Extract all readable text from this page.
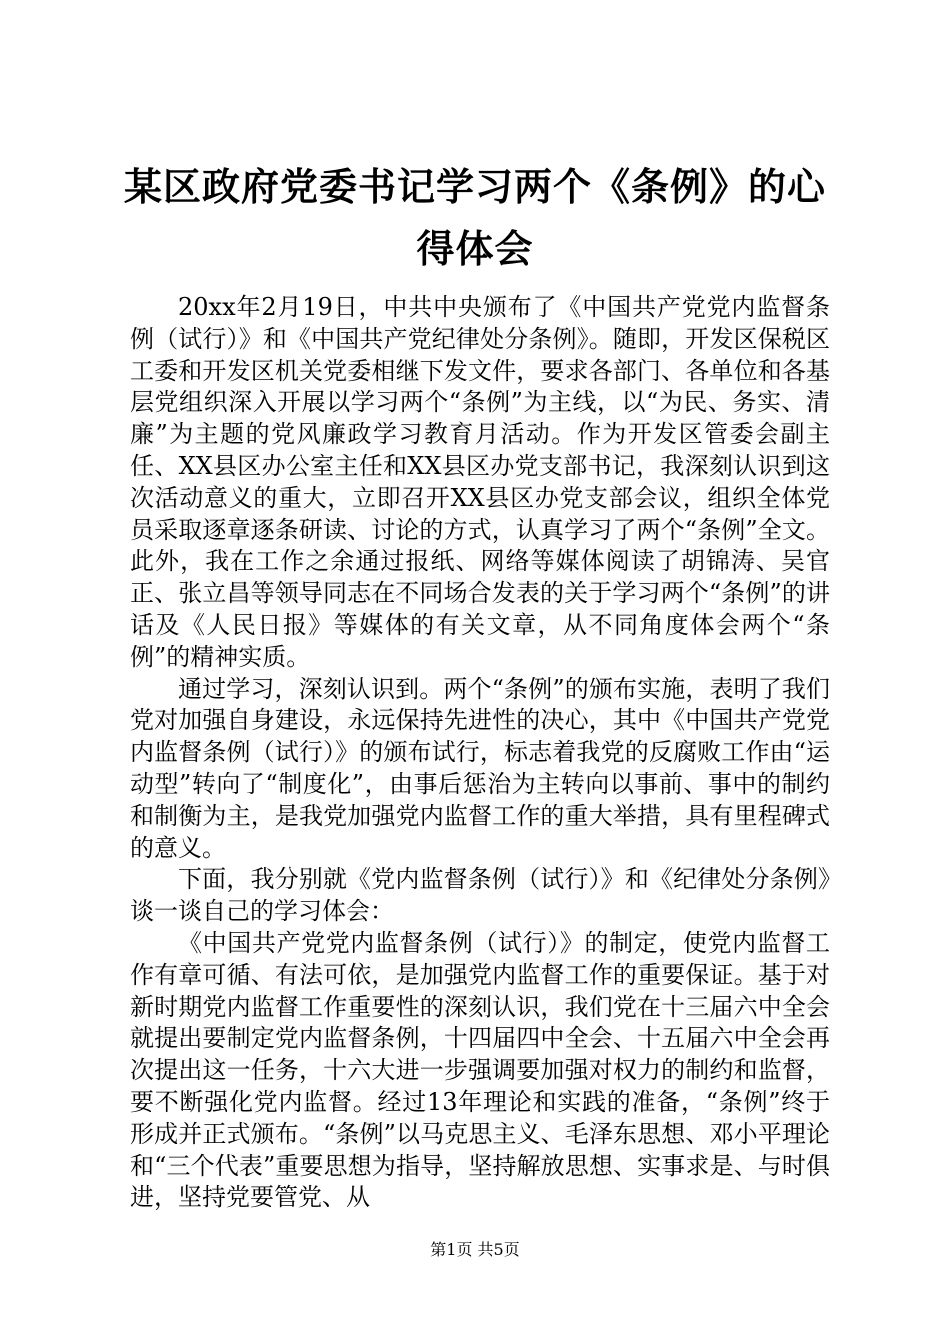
某区政府党委书记学习两个《条例》的心得体会

20xx年2月19日，中共中央颁布了《中国共产党党内监督条例（试行）》和《中国共产党纪律处分条例》。随即，开发区保税区工委和开发区机关党委相继下发文件，要求各部门、各单位和各基层党组织深入开展以学习两个“条例”为主线，以“为民、务实、清廉”为主题的党风廉政学习教育月活动。作为开发区管委会副主任、XX县区办公室主任和XX县区办党支部书记，我深刻认识到这次活动意义的重大，立即召开XX县区办党支部会议，组织全体党员采取逐章逐条研读、讨论的方式，认真学习了两个“条例”全文。此外，我在工作之余通过报纸、网络等媒体阅读了胡锦涛、吴官正、张立昌等领导同志在不同场合发表的关于学习两个“条例”的讲话及《人民日报》等媒体的有关文章，从不同角度体会两个“条例”的精神实质。

通过学习，深刻认识到。两个“条例”的颁布实施，表明了我们党对加强自身建设，永远保持先进性的决心，其中《中国共产党党内监督条例（试行）》的颁布试行，标志着我党的反腐败工作由“运动型”转向了“制度化”，由事后惩治为主转向以事前、事中的制约和制衡为主，是我党加强党内监督工作的重大举措，具有里程碑式的意义。

下面，我分别就《党内监督条例（试行）》和《纪律处分条例》谈一谈自己的学习体会：

《中国共产党党内监督条例（试行）》的制定，使党内监督工作有章可循、有法可依，是加强党内监督工作的重要保证。基于对新时期党内监督工作重要性的深刻认识，我们党在十三届六中全会就提出要制定党内监督条例，十四届四中全会、十五届六中全会再次提出这一任务，十六大进一步强调要加强对权力的制约和监督，要不断强化党内监督。经过13年理论和实践的准备，“条例”终于形成并正式颁布。“条例”以马克思主义、毛泽东思想、邓小平理论和“三个代表”重要思想为指导，坚持解放思想、实事求是、与时俱进，坚持党要管党、从

第1页 共5页
